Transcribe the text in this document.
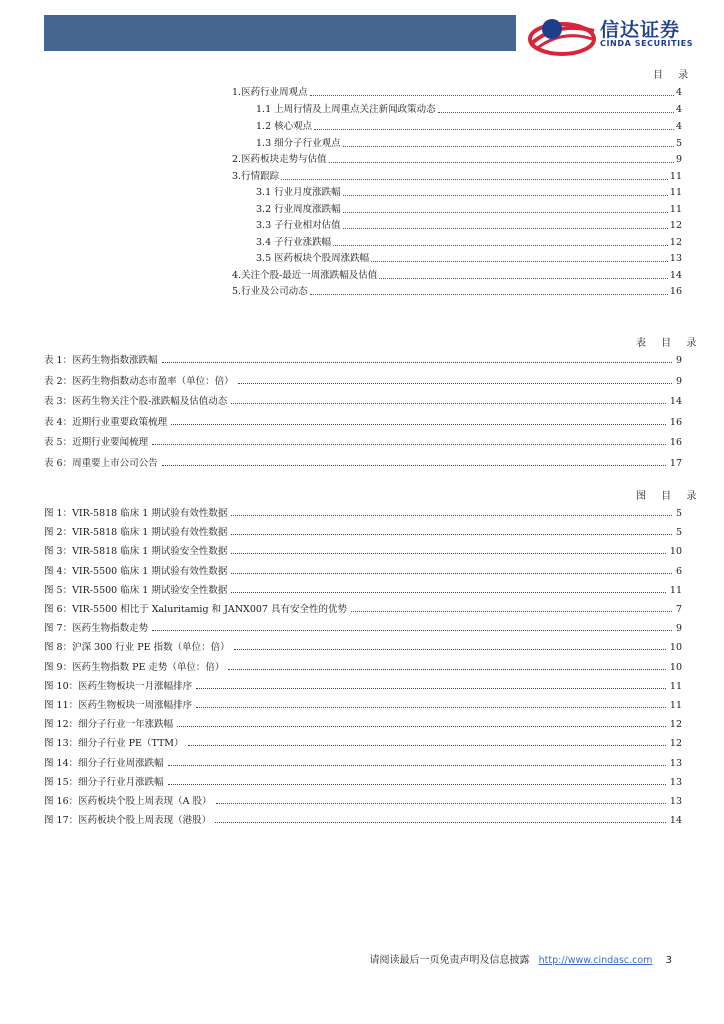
信达证券
CINDA SECURITIES
目 录
1.医药行业周观点	4
1.1 上周行情及上周重点关注新闻政策动态	4
1.2 核心观点	4
1.3 细分子行业观点	5
2.医药板块走势与估值	9
3.行情跟踪	11
3.1 行业月度涨跌幅	11
3.2 行业周度涨跌幅	11
3.3 子行业相对估值	12
3.4 子行业涨跌幅	12
3.5 医药板块个股周涨跌幅	13
4.关注个股-最近一周涨跌幅及估值	14
5.行业及公司动态	16
表 目 录
表 1：医药生物指数涨跌幅	9
表 2：医药生物指数动态市盈率（单位：倍）	9
表 3：医药生物关注个股-涨跌幅及估值动态	14
表 4：近期行业重要政策梳理	16
表 5：近期行业要闻梳理	16
表 6：周重要上市公司公告	17
图 目 录
图 1：VIR-5818 临床 1 期试验有效性数据	5
图 2：VIR-5818 临床 1 期试验有效性数据	5
图 3：VIR-5818 临床 1 期试验安全性数据	10
图 4：VIR-5500 临床 1 期试验有效性数据	6
图 5：VIR-5500 临床 1 期试验安全性数据	11
图 6：VIR-5500 相比于 Xaluritamig 和 JANX007 具有安全性的优势	7
图 7：医药生物指数走势	9
图 8：沪深 300 行业 PE 指数（单位：倍）	10
图 9：医药生物指数 PE 走势（单位：倍）	10
图 10：医药生物板块一月涨幅排序	11
图 11：医药生物板块一周涨幅排序	11
图 12：细分子行业一年涨跌幅	12
图 13：细分子行业 PE（TTM）	12
图 14：细分子行业周涨跌幅	13
图 15：细分子行业月涨跌幅	13
图 16：医药板块个股上周表现（A 股）	13
图 17：医药板块个股上周表现（港股）	14
请阅读最后一页免责声明及信息披露 http://www.cindasc.com 3
